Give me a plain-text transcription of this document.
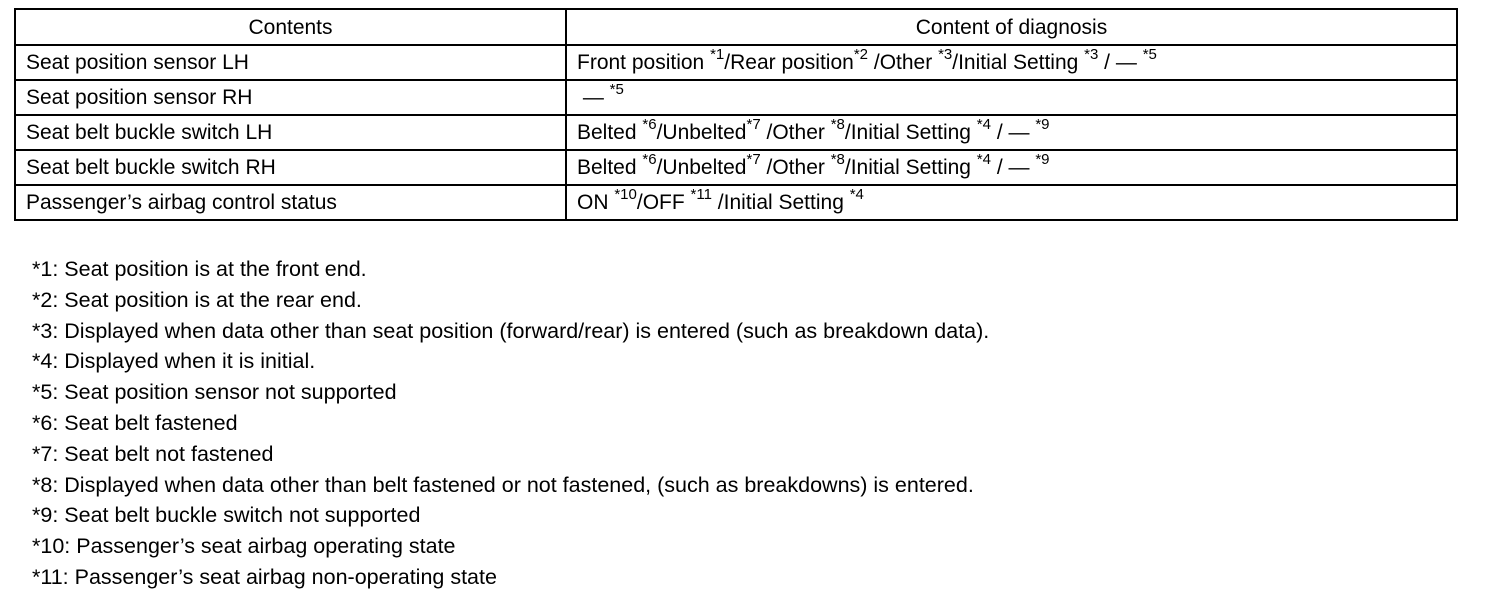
Contents	Content of diagnosis
Seat position sensor LH	Front position $^{*1}$/Rear position$^{*2}$ /Other $^{*3}$/Initial Setting $^{*3}$ / — $^{*5}$
Seat position sensor RH	— $^{*5}$
Seat belt buckle switch LH	Belted $^{*6}$/Unbelted$^{*7}$ /Other $^{*8}$/Initial Setting $^{*4}$ / — $^{*9}$
Seat belt buckle switch RH	Belted $^{*6}$/Unbelted$^{*7}$ /Other $^{*8}$/Initial Setting $^{*4}$ / — $^{*9}$
Passenger’s airbag control status	ON $^{*10}$/OFF $^{*11}$ /Initial Setting $^{*4}$
*1: Seat position is at the front end.
*2: Seat position is at the rear end.
*3: Displayed when data other than seat position (forward/rear) is entered (such as breakdown data).
*4: Displayed when it is initial.
*5: Seat position sensor not supported
*6: Seat belt fastened
*7: Seat belt not fastened
*8: Displayed when data other than belt fastened or not fastened, (such as breakdowns) is entered.
*9: Seat belt buckle switch not supported
*10: Passenger’s seat airbag operating state
*11: Passenger’s seat airbag non-operating state
